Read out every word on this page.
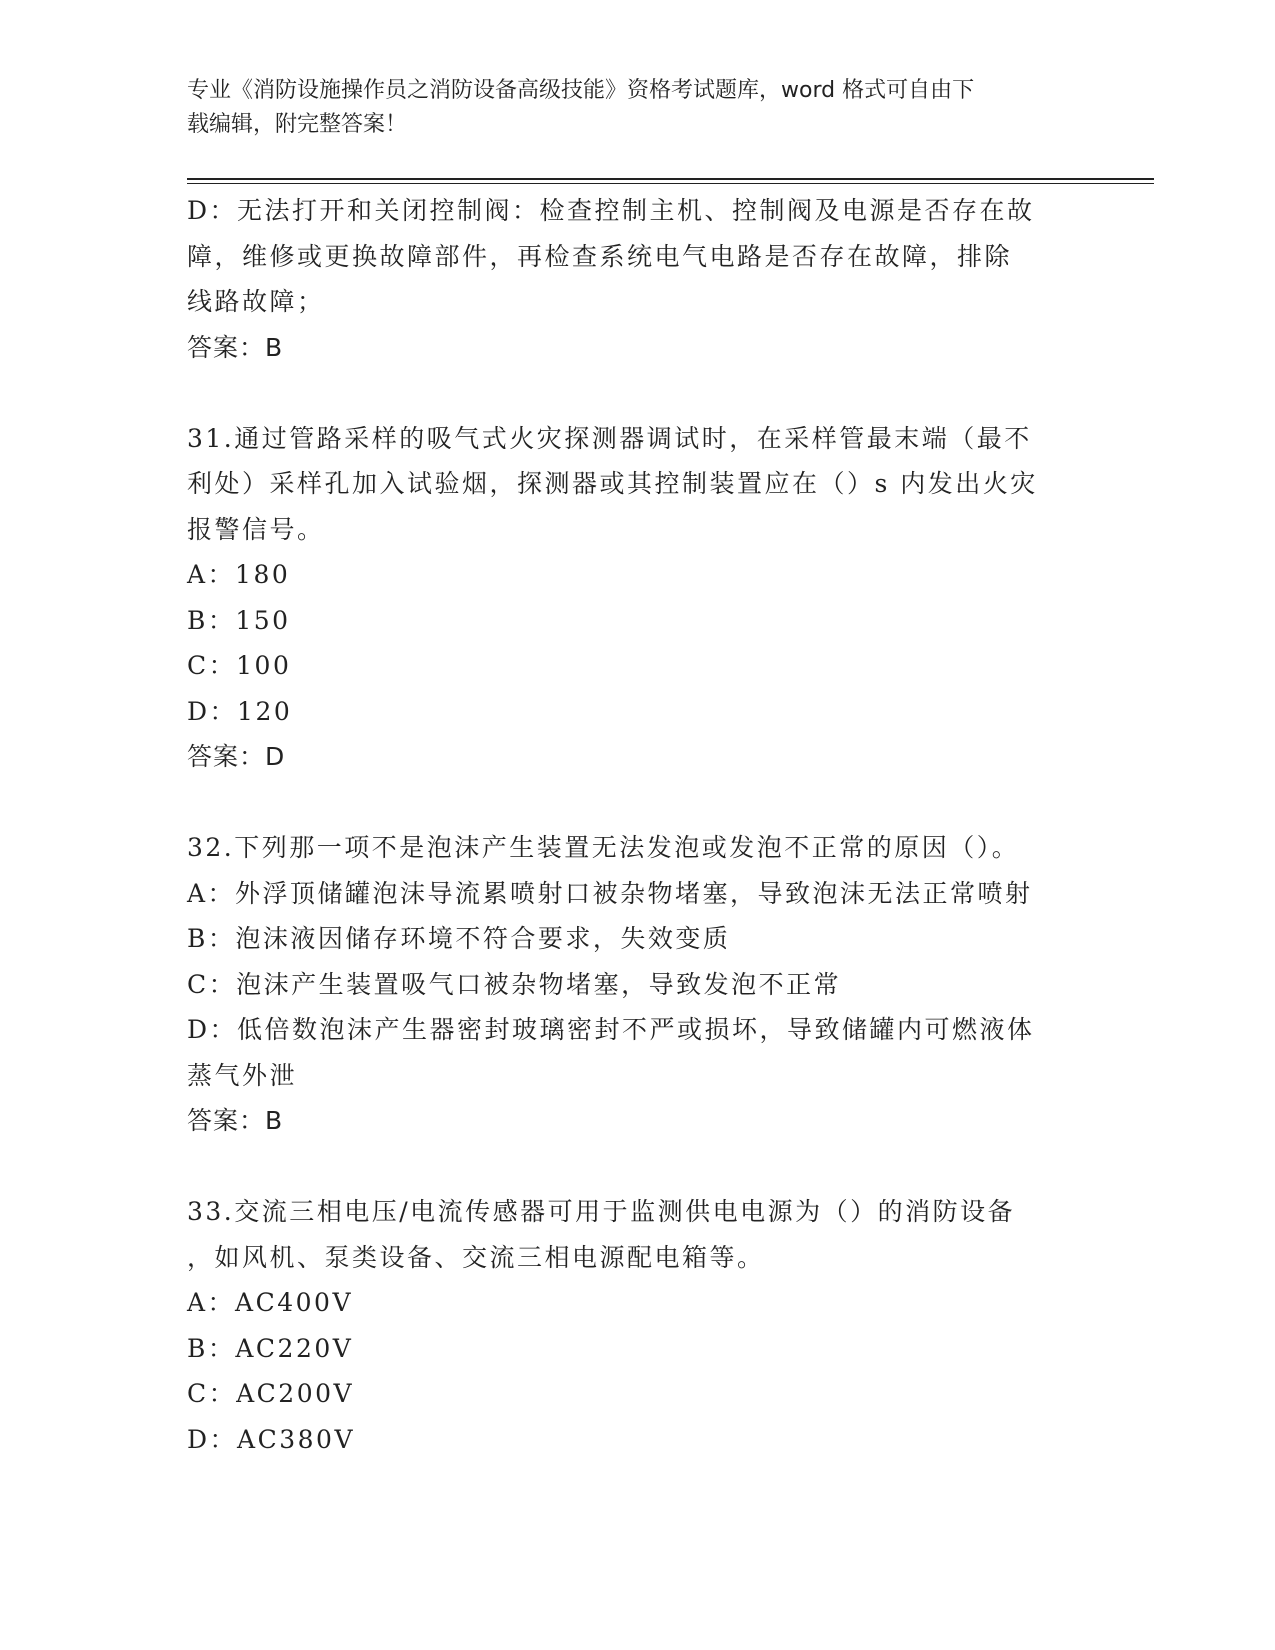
专业《消防设施操作员之消防设备高级技能》资格考试题库，word 格式可自由下
载编辑，附完整答案！
D：无法打开和关闭控制阀：检查控制主机、控制阀及电源是否存在故
障，维修或更换故障部件，再检查系统电气电路是否存在故障，排除
线路故障；
答案：B
31.通过管路采样的吸气式火灾探测器调试时，在采样管最末端（最不
利处）采样孔加入试验烟，探测器或其控制装置应在（）s 内发出火灾
报警信号。
A：180
B：150
C：100
D：120
答案：D
32.下列那一项不是泡沫产生装置无法发泡或发泡不正常的原因（）。
A：外浮顶储罐泡沫导流累喷射口被杂物堵塞，导致泡沫无法正常喷射
B：泡沫液因储存环境不符合要求，失效变质
C：泡沫产生装置吸气口被杂物堵塞，导致发泡不正常
D：低倍数泡沫产生器密封玻璃密封不严或损坏，导致储罐内可燃液体
蒸气外泄
答案：B
33.交流三相电压/电流传感器可用于监测供电电源为（）的消防设备
，如风机、泵类设备、交流三相电源配电箱等。
A：AC400V
B：AC220V
C：AC200V
D：AC380V
